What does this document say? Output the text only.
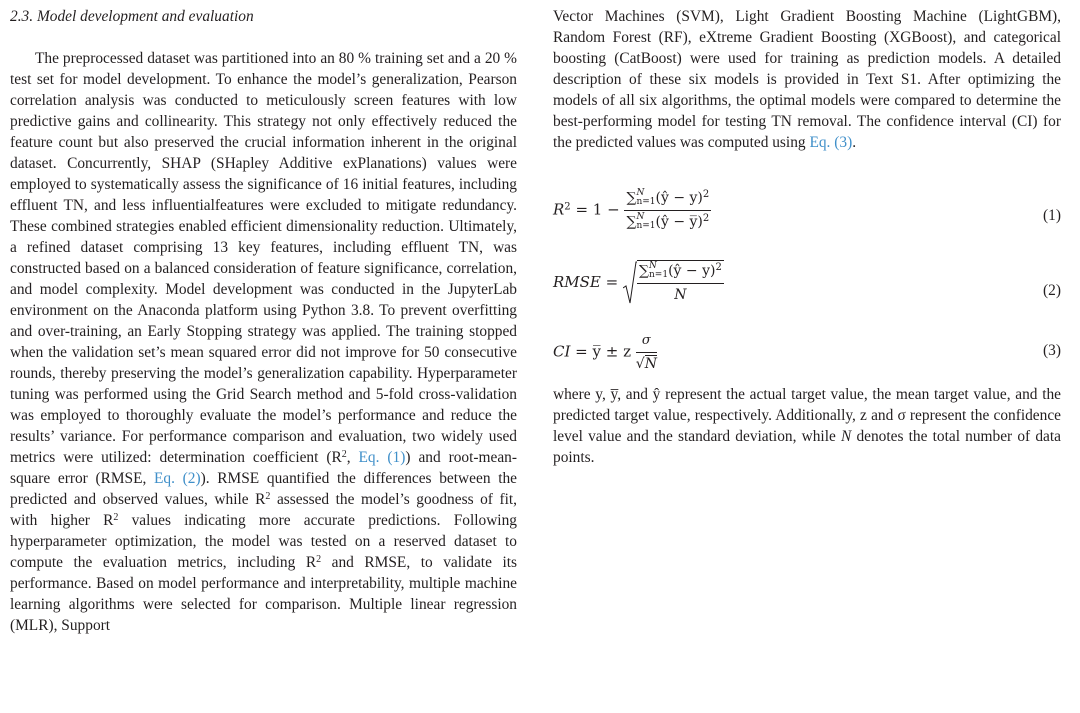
2.3. Model development and evaluation

The preprocessed dataset was partitioned into an 80 % training set and a 20 % test set for model development. To enhance the model’s generalization, Pearson correlation analysis was conducted to meticulously screen features with low predictive gains and collinearity. This strategy not only effectively reduced the feature count but also preserved the crucial information inherent in the original dataset. Concurrently, SHAP (SHapley Additive exPlanations) values were employed to systematically assess the significance of 16 initial features, including effluent TN, and less influentialfeatures were excluded to mitigate redundancy. These combined strategies enabled efficient dimensionality reduction. Ultimately, a refined dataset comprising 13 key features, including effluent TN, was constructed based on a balanced consideration of feature significance, correlation, and model complexity. Model development was conducted in the JupyterLab environment on the Anaconda platform using Python 3.8. To prevent overfitting and over-training, an Early Stopping strategy was applied. The training stopped when the validation set’s mean squared error did not improve for 50 consecutive rounds, thereby preserving the model’s generalization capability. Hyperparameter tuning was performed using the Grid Search method and 5-fold cross-validation was employed to thoroughly evaluate the model’s performance and reduce the results’ variance. For performance comparison and evaluation, two widely used metrics were utilized: determination coefficient ($R^2$, Eq. (1)) and root-mean-square error (RMSE, Eq. (2)). RMSE quantified the differences between the predicted and observed values, while $R^2$ assessed the model’s goodness of fit, with higher $R^2$ values indicating more accurate predictions. Following hyperparameter optimization, the model was tested on a reserved dataset to compute the evaluation metrics, including $R^2$ and RMSE, to validate its performance. Based on model performance and interpretability, multiple machine learning algorithms were selected for comparison. Multiple linear regression (MLR), Support

Vector Machines (SVM), Light Gradient Boosting Machine (LightGBM), Random Forest (RF), eXtreme Gradient Boosting (XGBoost), and categorical boosting (CatBoost) were used for training as prediction models. A detailed description of these six models is provided in Text S1. After optimizing the models of all six algorithms, the optimal models were compared to determine the best-performing model for testing TN removal. The confidence interval (CI) for the predicted values was computed using Eq. (3).

$R^2 = 1$ −
∑N
n=1(ŷ − y)$^2$
∑N
n=1(ŷ − y̅)$^2$	(1)
RMSE =
∑N
n=1(ŷ − y)$^2$
N	(2)
CI = y̅ ± z $\frac{\sigma}{√N}$	(3)

where y, y̅, and ŷ represent the actual target value, the mean target value, and the predicted target value, respectively. Additionally, z and σ represent the confidence level value and the standard deviation, while N denotes the total number of data points.
